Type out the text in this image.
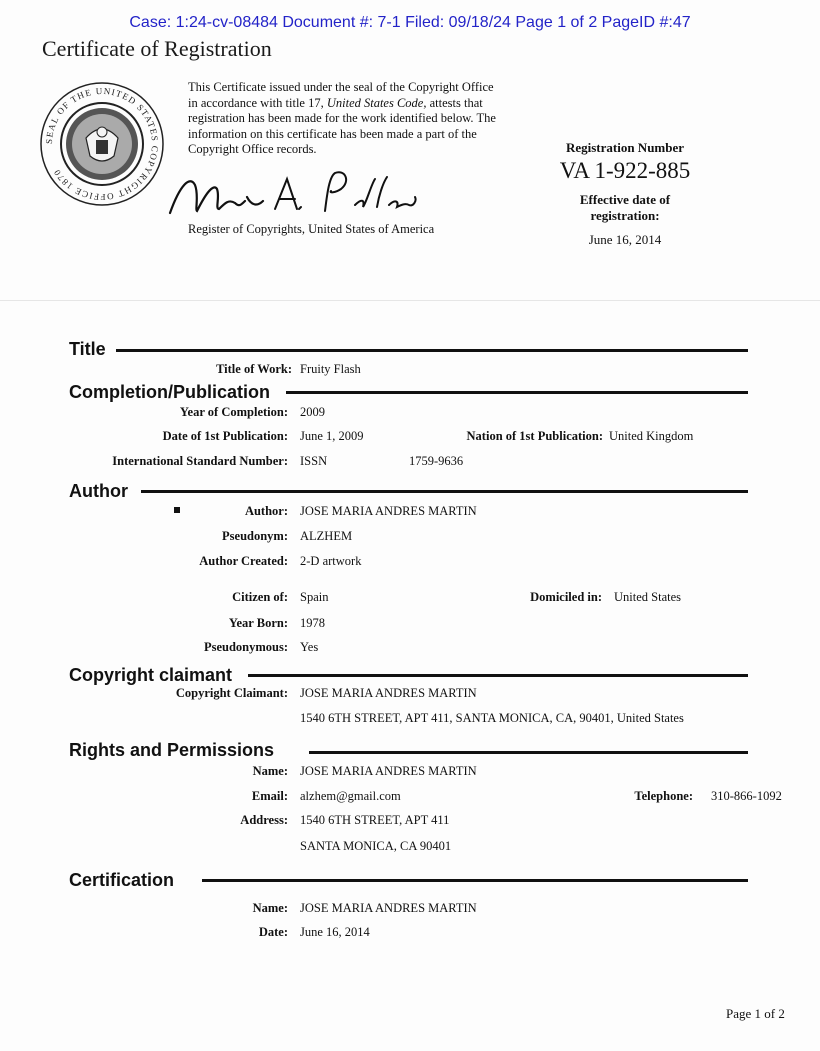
Case: 1:24-cv-08484 Document #: 7-1 Filed: 09/18/24 Page 1 of 2 PageID #:47
Certificate of Registration
SEAL OF THE UNITED STATES COPYRIGHT OFFICE 1870
This Certificate issued under the seal of the Copyright Office in accordance with title 17, United States Code, attests that registration has been made for the work identified below. The information on this certificate has been made a part of the Copyright Office records.
Register of Copyrights, United States of America
Registration Number
VA 1-922-885
Effective date of
registration:
June 16, 2014
Title
Title of Work: Fruity Flash
Completion/Publication
Year of Completion: 2009
Date of 1st Publication: June 1, 2009	Nation of 1st Publication: United Kingdom
International Standard Number: ISSN	1759-9636
Author
Author: JOSE MARIA ANDRES MARTIN
Pseudonym: ALZHEM
Author Created: 2-D artwork
Citizen of: Spain	Domiciled in: United States
Year Born: 1978
Pseudonymous: Yes
Copyright claimant
Copyright Claimant: JOSE MARIA ANDRES MARTIN
1540 6TH STREET, APT 411, SANTA MONICA, CA, 90401, United States
Rights and Permissions
Name: JOSE MARIA ANDRES MARTIN
Email: alzhem@gmail.com	Telephone: 310-866-1092
Address: 1540 6TH STREET, APT 411
SANTA MONICA, CA 90401
Certification
Name: JOSE MARIA ANDRES MARTIN
Date: June 16, 2014
Page 1 of 2
